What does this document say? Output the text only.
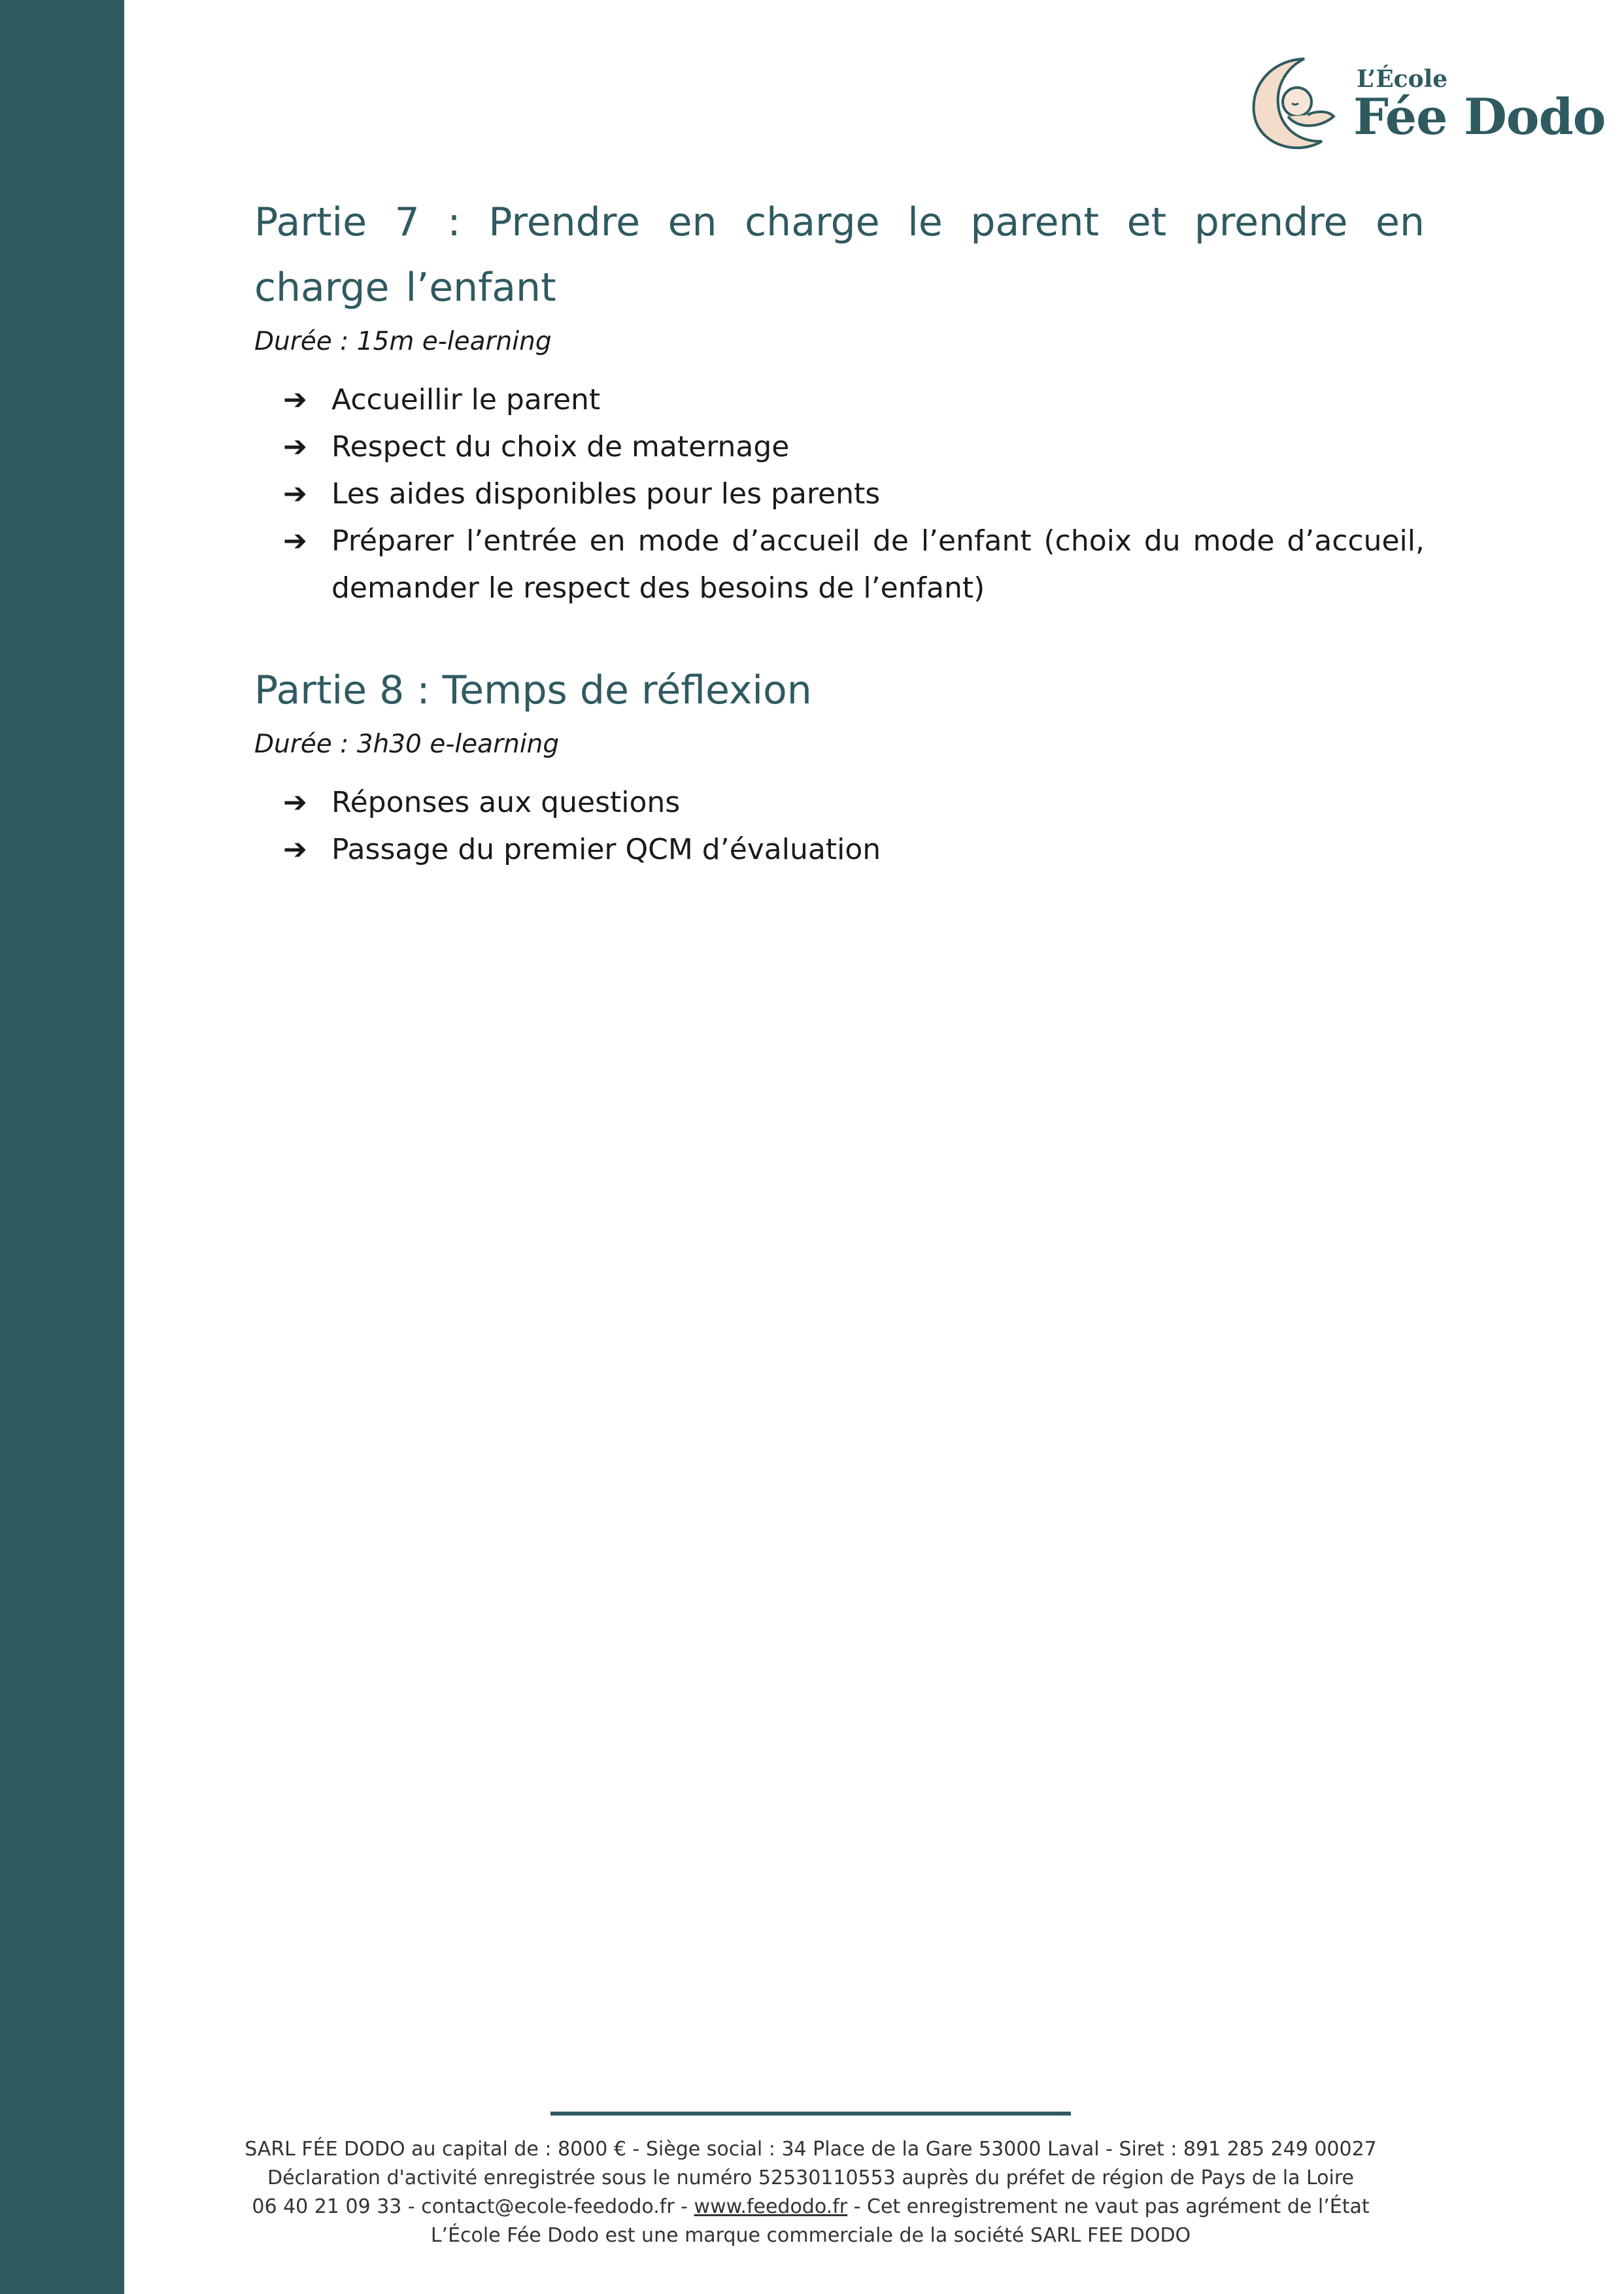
L’École
Fée Dodo
Partie 7 : Prendre en charge le parent et prendre en charge l’enfant
Durée : 15m e-learning
➔ Accueillir le parent
➔ Respect du choix de maternage
➔ Les aides disponibles pour les parents
➔ Préparer l’entrée en mode d’accueil de l’enfant (choix du mode d’accueil, demander le respect des besoins de l’enfant)
Partie 8 : Temps de réflexion
Durée : 3h30 e-learning
➔ Réponses aux questions
➔ Passage du premier QCM d’évaluation
SARL FÉE DODO au capital de : 8000 € - Siège social : 34 Place de la Gare 53000 Laval - Siret : 891 285 249 00027
Déclaration d'activité enregistrée sous le numéro 52530110553 auprès du préfet de région de Pays de la Loire
06 40 21 09 33 - contact@ecole-feedodo.fr - www.feedodo.fr - Cet enregistrement ne vaut pas agrément de l’État
L’École Fée Dodo est une marque commerciale de la société SARL FEE DODO
